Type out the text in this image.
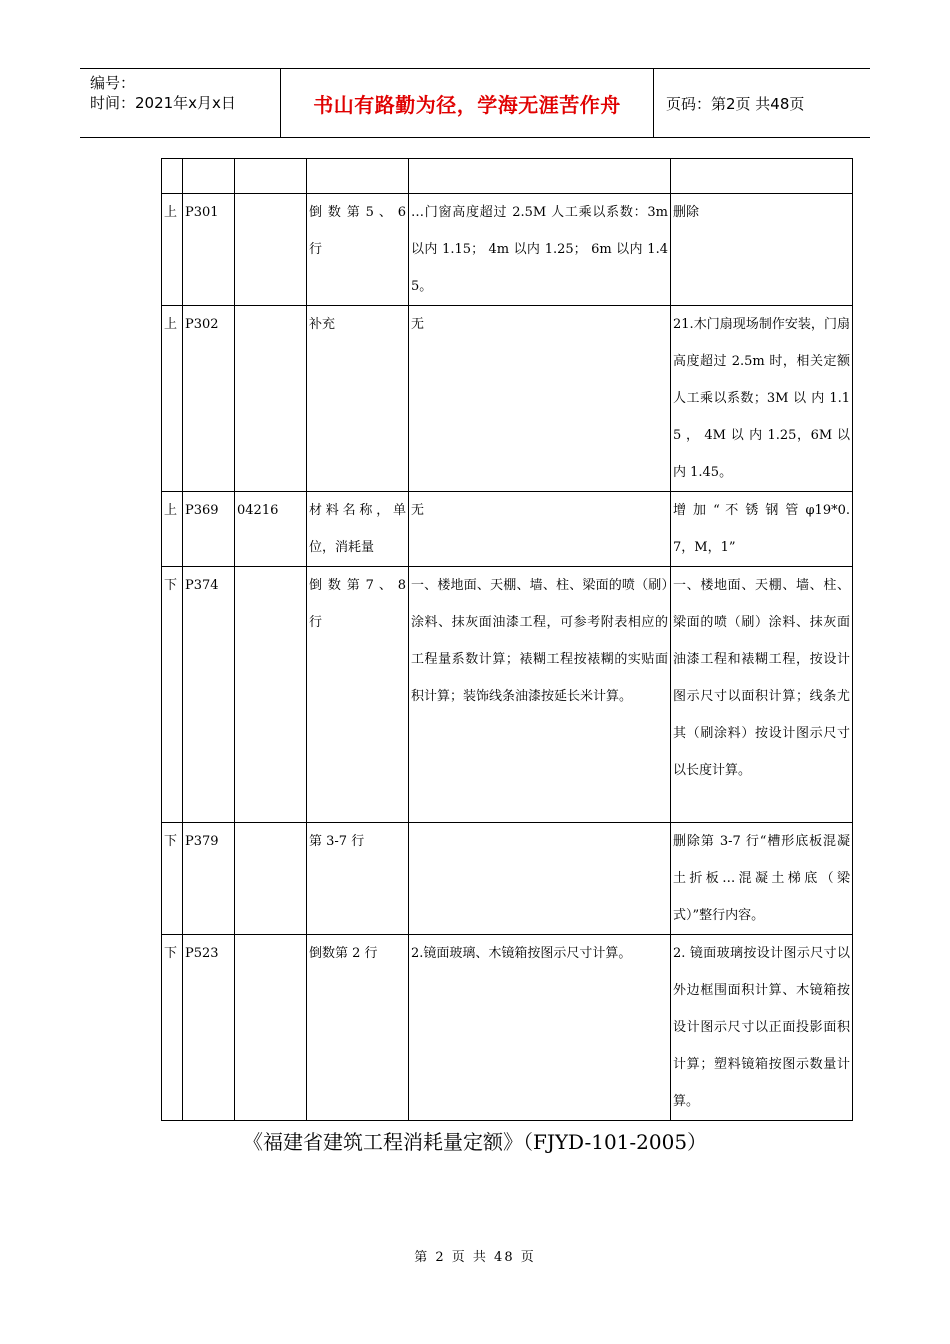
编号：
时间：2021年x月x日	书山有路勤为径，学海无涯苦作舟	页码：第2页 共48页

上	P301		倒 数 第 5 、 6 行	…门窗高度超过 2.5M 人工乘以系数：3m 以内 1.15； 4m 以内 1.25； 6m 以内 1.45。	删除
上	P302		补充	无	21.木门扇现场制作安装，门扇高度超过 2.5m 时，相关定额人工乘以系数；3M 以 内 1.15 ， 4M 以 内 1.25，6M 以内 1.45。
上	P369	04216	材料名称，单位，消耗量	无	增 加 “ 不 锈 钢 管 φ19*0.7，M，1”
下	P374		倒 数 第 7 、 8 行	一、楼地面、天棚、墙、柱、梁面的喷（刷）涂料、抹灰面油漆工程，可参考附表相应的工程量系数计算；裱糊工程按裱糊的实贴面积计算；装饰线条油漆按延长米计算。	一、楼地面、天棚、墙、柱、梁面的喷（刷）涂料、抹灰面油漆工程和裱糊工程，按设计图示尺寸以面积计算；线条尤其（刷涂料）按设计图示尺寸以长度计算。
下	P379		第 3-7 行		删除第 3-7 行“槽形底板混凝土折板…混凝土梯底（梁式）”整行内容。
下	P523		倒数第 2 行	2.镜面玻璃、木镜箱按图示尺寸计算。	2. 镜面玻璃按设计图示尺寸以外边框围面积计算、木镜箱按设计图示尺寸以正面投影面积计算；塑料镜箱按图示数量计算。
《福建省建筑工程消耗量定额》（FJYD-101-2005）
第 2 页 共 48 页
